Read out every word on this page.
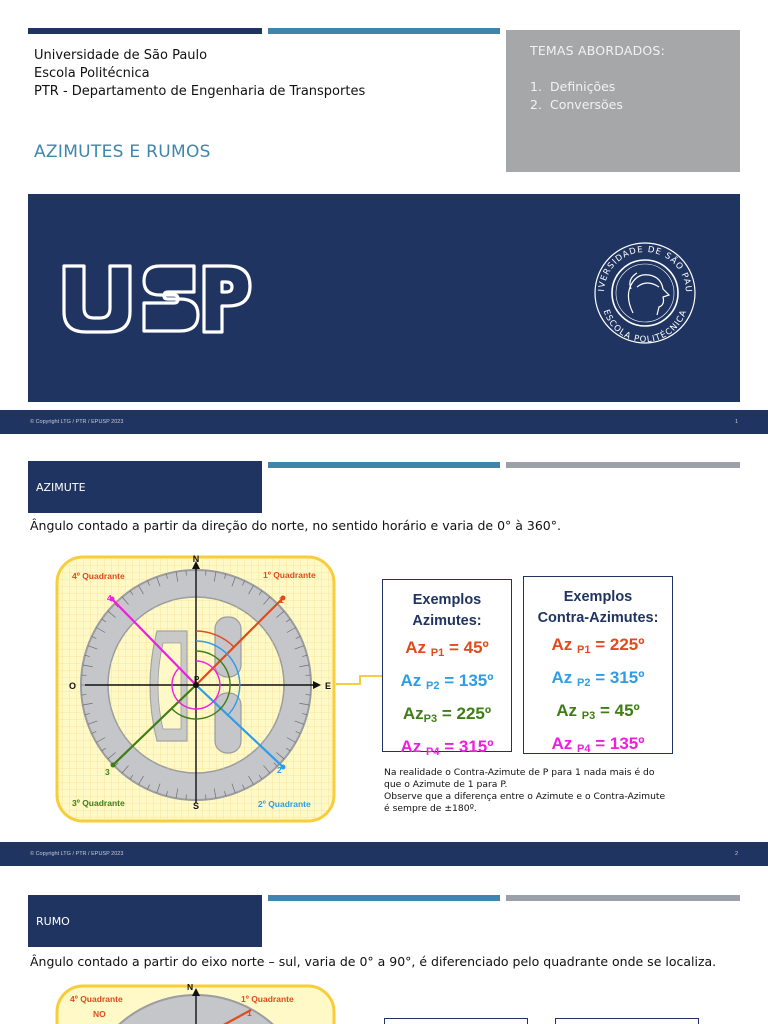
Universidade de São Paulo
Escola Politécnica
PTR - Departamento de Engenharia de Transportes
AZIMUTES E RUMOS
TEMAS ABORDADOS:
1. Definições
2. Conversões
UNIVERSIDADE DE SÃO PAULO
ESCOLA POLITÉCNICA
© Copyright LTG / PTR / EPUSP 2023	1
AZIMUTE
Ângulo contado a partir da direção do norte, no sentido horário e varia de 0° à 360°.
N
S
E
O
P
4º Quadrante	1º Quadrante
3º Quadrante	2º Quadrante
1
2
3
4	Exemplos
Azimutes:
Az $_{P1}$ = 45º
Az $_{P2}$ = 135º
$Az_{P3}$ = 225º
Az $_{P4}$ = 315º
Exemplos
Contra-Azimutes:
Az $_{P1}$ = 225º
Az $_{P2}$ = 315º
Az $_{P3}$ = 45º
Az $_{P4}$ = 135º
Na realidade o Contra-Azimute de P para 1 nada mais é do
que o Azimute de 1 para P.
Observe que a diferença entre o Azimute e o Contra-Azimute
é sempre de ±180º.
© Copyright LTG / PTR / EPUSP 2023	2
RUMO
Ângulo contado a partir do eixo norte – sul, varia de 0° a 90°, é diferenciado pelo quadrante onde se localiza.
N
4º Quadrante	1º Quadrante
NO	1
